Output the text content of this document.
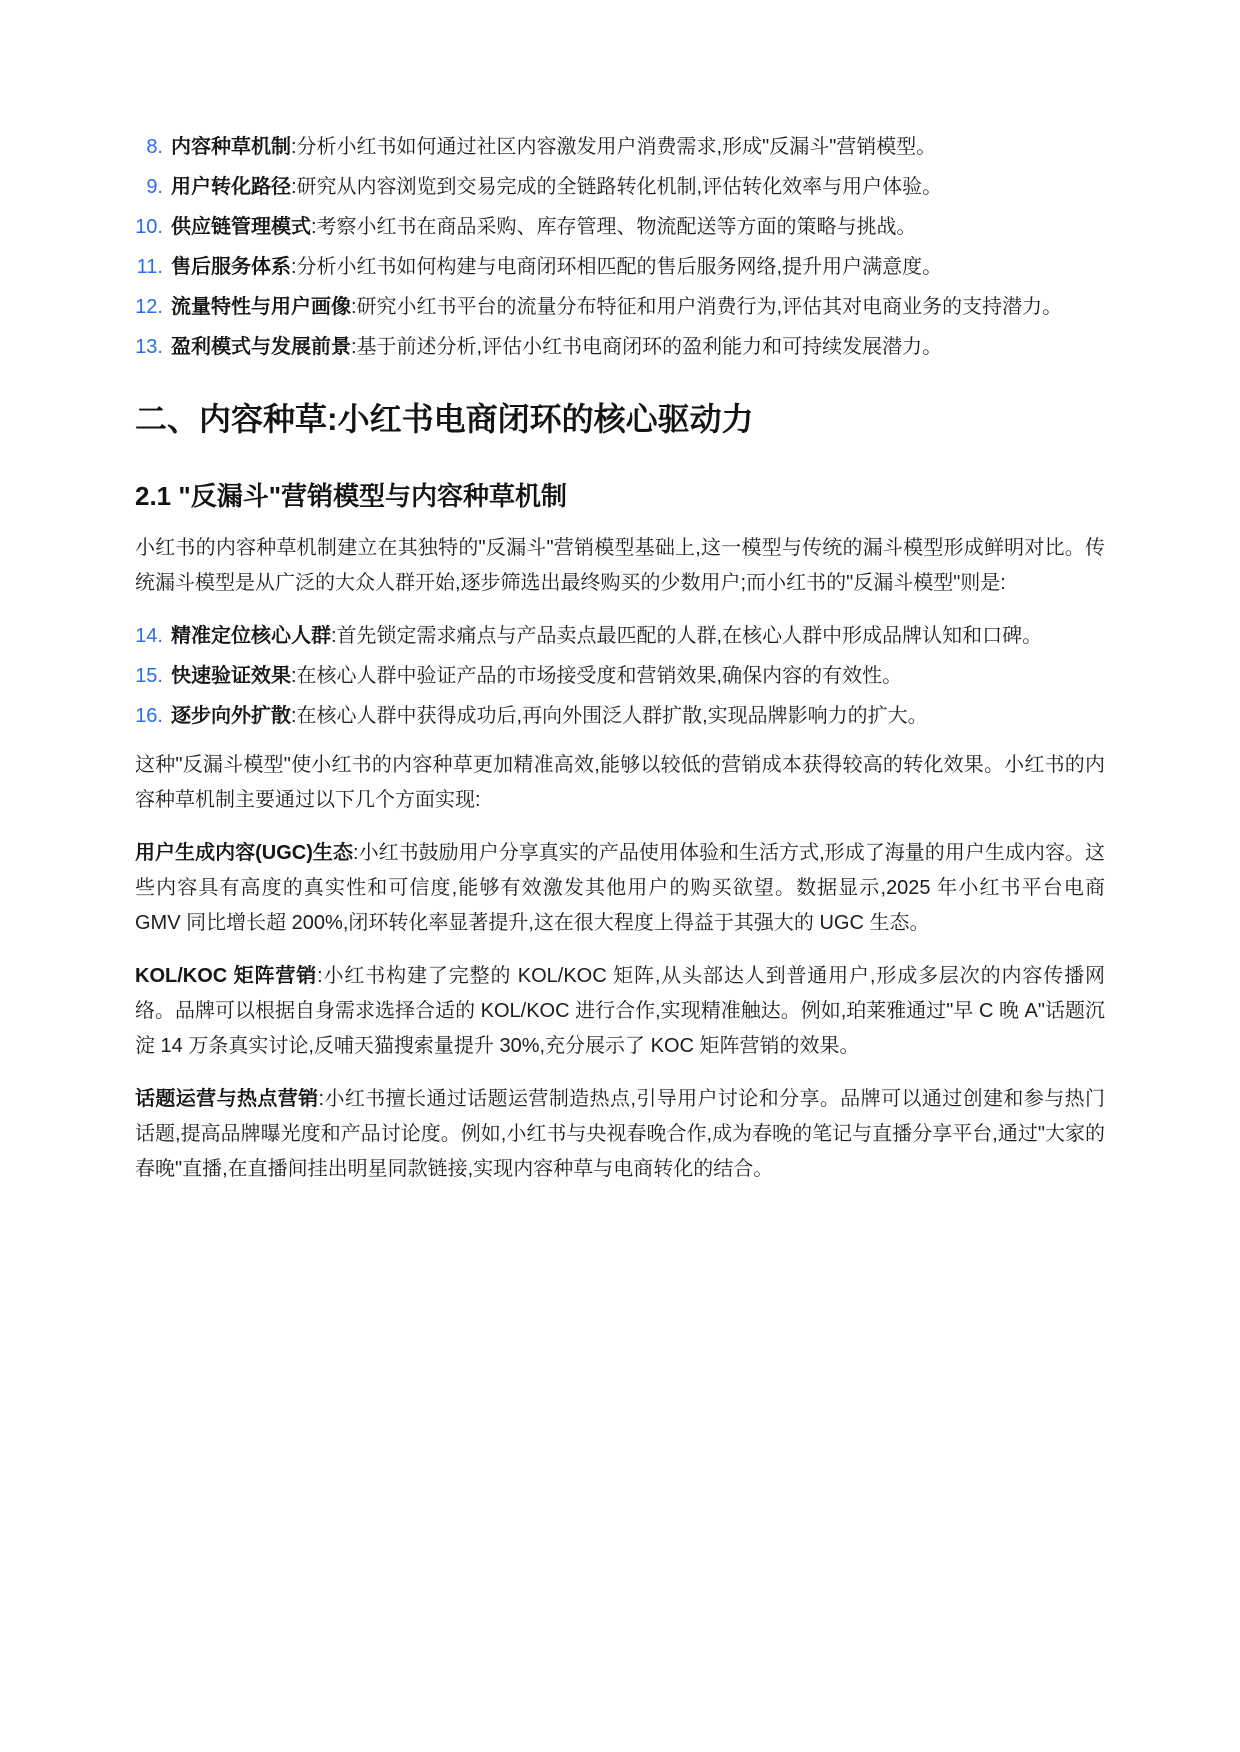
8. 内容种草机制:分析小红书如何通过社区内容激发用户消费需求,形成"反漏斗"营销模型。
9. 用户转化路径:研究从内容浏览到交易完成的全链路转化机制,评估转化效率与用户体验。
10. 供应链管理模式:考察小红书在商品采购、库存管理、物流配送等方面的策略与挑战。
11. 售后服务体系:分析小红书如何构建与电商闭环相匹配的售后服务网络,提升用户满意度。
12. 流量特性与用户画像:研究小红书平台的流量分布特征和用户消费行为,评估其对电商业务的支持潜力。
13. 盈利模式与发展前景:基于前述分析,评估小红书电商闭环的盈利能力和可持续发展潜力。
二、内容种草:小红书电商闭环的核心驱动力
2.1 "反漏斗"营销模型与内容种草机制

小红书的内容种草机制建立在其独特的"反漏斗"营销模型基础上,这一模型与传统的漏斗模型形成鲜明对比。传统漏斗模型是从广泛的大众人群开始,逐步筛选出最终购买的少数用户;而小红书的"反漏斗模型"则是:

14. 精准定位核心人群:首先锁定需求痛点与产品卖点最匹配的人群,在核心人群中形成品牌认知和口碑。
15. 快速验证效果:在核心人群中验证产品的市场接受度和营销效果,确保内容的有效性。
16. 逐步向外扩散:在核心人群中获得成功后,再向外围泛人群扩散,实现品牌影响力的扩大。

这种"反漏斗模型"使小红书的内容种草更加精准高效,能够以较低的营销成本获得较高的转化效果。小红书的内容种草机制主要通过以下几个方面实现:

用户生成内容(UGC)生态:小红书鼓励用户分享真实的产品使用体验和生活方式,形成了海量的用户生成内容。这些内容具有高度的真实性和可信度,能够有效激发其他用户的购买欲望。数据显示,2025 年小红书平台电商 GMV 同比增长超 200%,闭环转化率显著提升,这在很大程度上得益于其强大的 UGC 生态。

KOL/KOC 矩阵营销:小红书构建了完整的 KOL/KOC 矩阵,从头部达人到普通用户,形成多层次的内容传播网络。品牌可以根据自身需求选择合适的 KOL/KOC 进行合作,实现精准触达。例如,珀莱雅通过"早 C 晚 A"话题沉淀 14 万条真实讨论,反哺天猫搜索量提升 30%,充分展示了 KOC 矩阵营销的效果。

话题运营与热点营销:小红书擅长通过话题运营制造热点,引导用户讨论和分享。品牌可以通过创建和参与热门话题,提高品牌曝光度和产品讨论度。例如,小红书与央视春晚合作,成为春晚的笔记与直播分享平台,通过"大家的春晚"直播,在直播间挂出明星同款链接,实现内容种草与电商转化的结合。
